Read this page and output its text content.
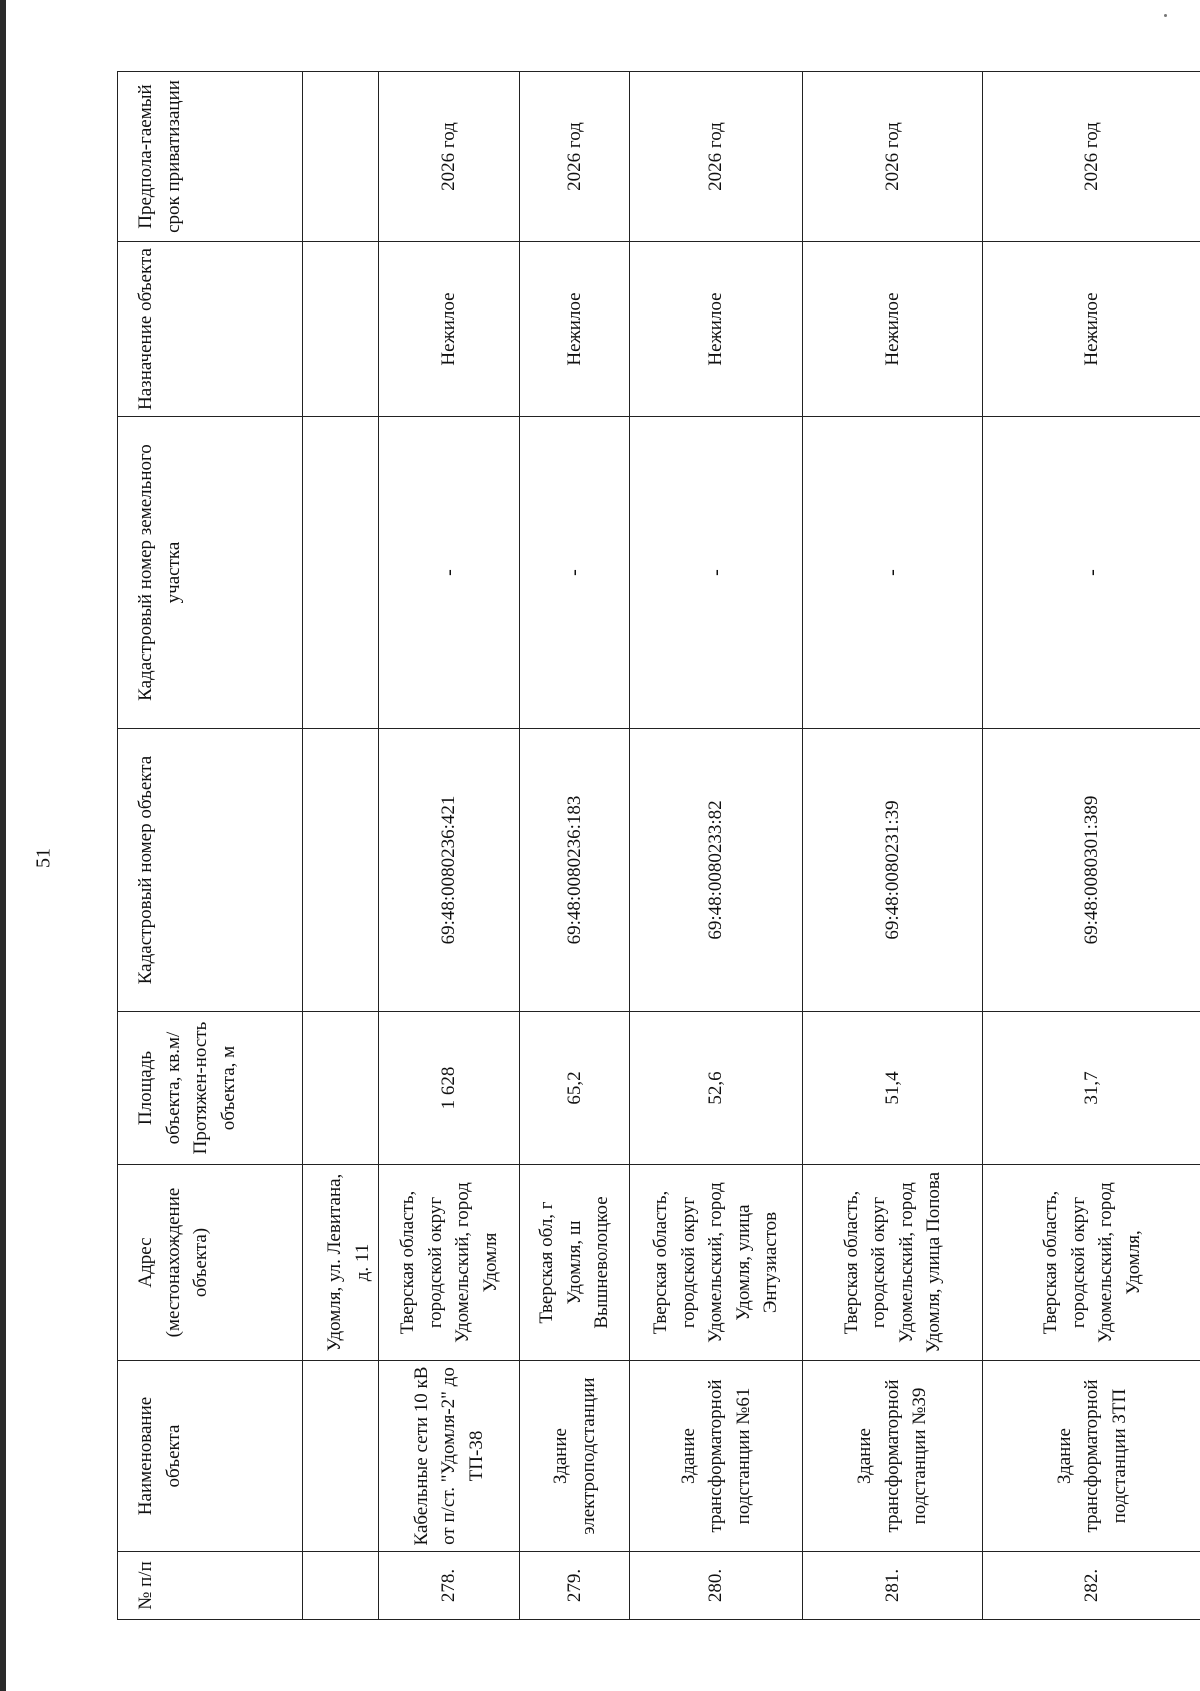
51
№ п/п	Наименование объекта	Адрес (местонахождение объекта)	Площадь объекта, кв.м/ Протяжен-ность объекта, м	Кадастровый номер объекта	Кадастровый номер земельного участка	Назначение объекта	Предпола-гаемый срок приватизации
		Удомля, ул. Левитана, д. 11					
278.	Кабельные сети 10 кВ от п/ст. "Удомля-2" до ТП-38	Тверская область, городской округ Удомельский, город Удомля	1 628	69:48:0080236:421	-	Нежилое	2026 год
279.	Здание электроподстанции	Тверская обл, г Удомля, ш Вышневолоцкое	65,2	69:48:0080236:183	-	Нежилое	2026 год
280.	Здание трансформаторной подстанции №61	Тверская область, городской округ Удомельский, город Удомля, улица Энтузиастов	52,6	69:48:0080233:82	-	Нежилое	2026 год
281.	Здание трансформаторной подстанции №39	Тверская область, городской округ Удомельский, город Удомля, улица Попова	51,4	69:48:0080231:39	-	Нежилое	2026 год
282.	Здание трансформаторной подстанции ЗТП	Тверская область, городской округ Удомельский, город Удомля,	31,7	69:48:0080301:389	-	Нежилое	2026 год
